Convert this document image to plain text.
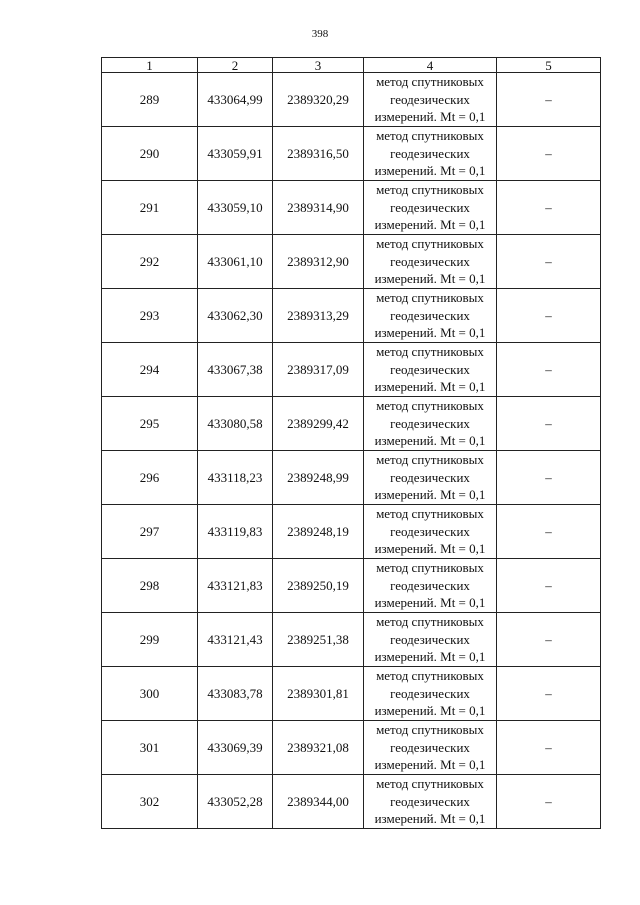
398
1	2	3	4	5
289	433064,99	2389320,29	метод спутниковых
геодезических
измерений. Mt = 0,1	–
290	433059,91	2389316,50	метод спутниковых
геодезических
измерений. Mt = 0,1	–
291	433059,10	2389314,90	метод спутниковых
геодезических
измерений. Mt = 0,1	–
292	433061,10	2389312,90	метод спутниковых
геодезических
измерений. Mt = 0,1	–
293	433062,30	2389313,29	метод спутниковых
геодезических
измерений. Mt = 0,1	–
294	433067,38	2389317,09	метод спутниковых
геодезических
измерений. Mt = 0,1	–
295	433080,58	2389299,42	метод спутниковых
геодезических
измерений. Mt = 0,1	–
296	433118,23	2389248,99	метод спутниковых
геодезических
измерений. Mt = 0,1	–
297	433119,83	2389248,19	метод спутниковых
геодезических
измерений. Mt = 0,1	–
298	433121,83	2389250,19	метод спутниковых
геодезических
измерений. Mt = 0,1	–
299	433121,43	2389251,38	метод спутниковых
геодезических
измерений. Mt = 0,1	–
300	433083,78	2389301,81	метод спутниковых
геодезических
измерений. Mt = 0,1	–
301	433069,39	2389321,08	метод спутниковых
геодезических
измерений. Mt = 0,1	–
302	433052,28	2389344,00	метод спутниковых
геодезических
измерений. Mt = 0,1	–
